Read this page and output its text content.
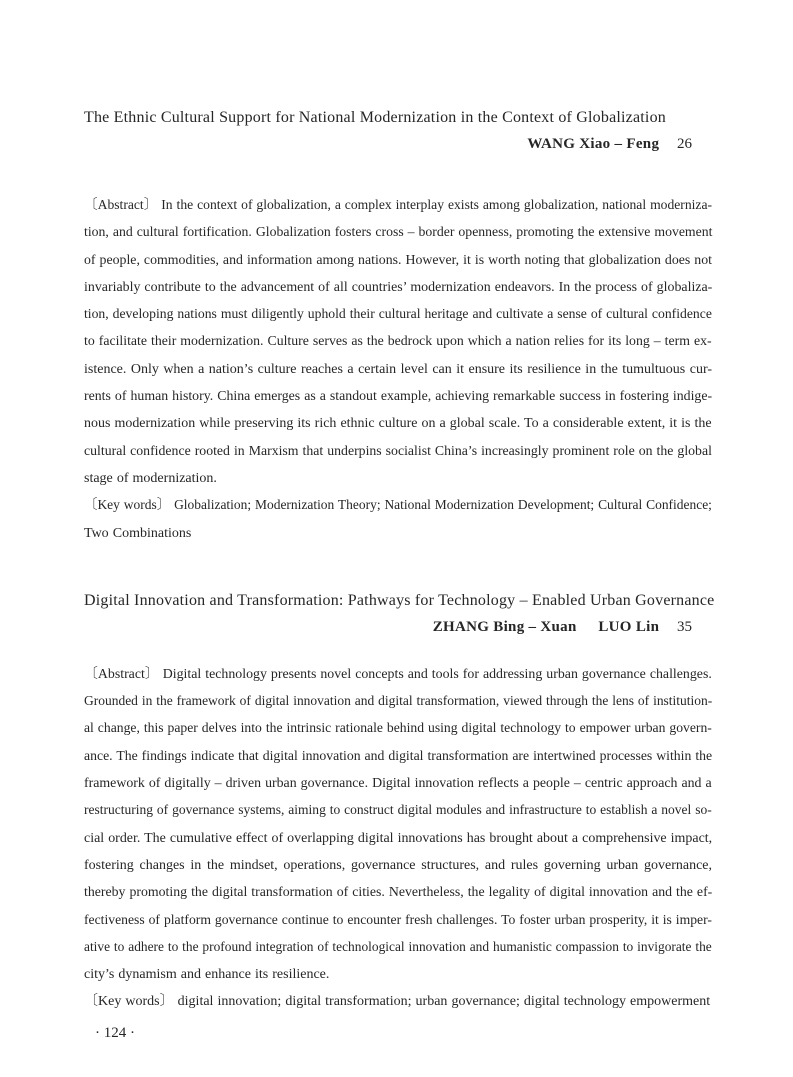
The Ethnic Cultural Support for National Modernization in the Context of Globalization
WANG Xiao – Feng 26
〔Abstract〕 In the context of globalization, a complex interplay exists among globalization, national moderniza-
tion, and cultural fortification. Globalization fosters cross – border openness, promoting the extensive movement
of people, commodities, and information among nations. However, it is worth noting that globalization does not
invariably contribute to the advancement of all countries’ modernization endeavors. In the process of globaliza-
tion, developing nations must diligently uphold their cultural heritage and cultivate a sense of cultural confidence
to facilitate their modernization. Culture serves as the bedrock upon which a nation relies for its long – term ex-
istence. Only when a nation’s culture reaches a certain level can it ensure its resilience in the tumultuous cur-
rents of human history. China emerges as a standout example, achieving remarkable success in fostering indige-
nous modernization while preserving its rich ethnic culture on a global scale. To a considerable extent, it is the
cultural confidence rooted in Marxism that underpins socialist China’s increasingly prominent role on the global
stage of modernization.
〔Key words〕 Globalization; Modernization Theory; National Modernization Development; Cultural Confidence;
Two Combinations
Digital Innovation and Transformation: Pathways for Technology – Enabled Urban Governance
ZHANG Bing – Xuan LUO Lin 35
〔Abstract〕 Digital technology presents novel concepts and tools for addressing urban governance challenges.
Grounded in the framework of digital innovation and digital transformation, viewed through the lens of institution-
al change, this paper delves into the intrinsic rationale behind using digital technology to empower urban govern-
ance. The findings indicate that digital innovation and digital transformation are intertwined processes within the
framework of digitally – driven urban governance. Digital innovation reflects a people – centric approach and a
restructuring of governance systems, aiming to construct digital modules and infrastructure to establish a novel so-
cial order. The cumulative effect of overlapping digital innovations has brought about a comprehensive impact,
fostering changes in the mindset, operations, governance structures, and rules governing urban governance,
thereby promoting the digital transformation of cities. Nevertheless, the legality of digital innovation and the ef-
fectiveness of platform governance continue to encounter fresh challenges. To foster urban prosperity, it is imper-
ative to adhere to the profound integration of technological innovation and humanistic compassion to invigorate the
city’s dynamism and enhance its resilience.
〔Key words〕 digital innovation; digital transformation; urban governance; digital technology empowerment
· 124 ·
